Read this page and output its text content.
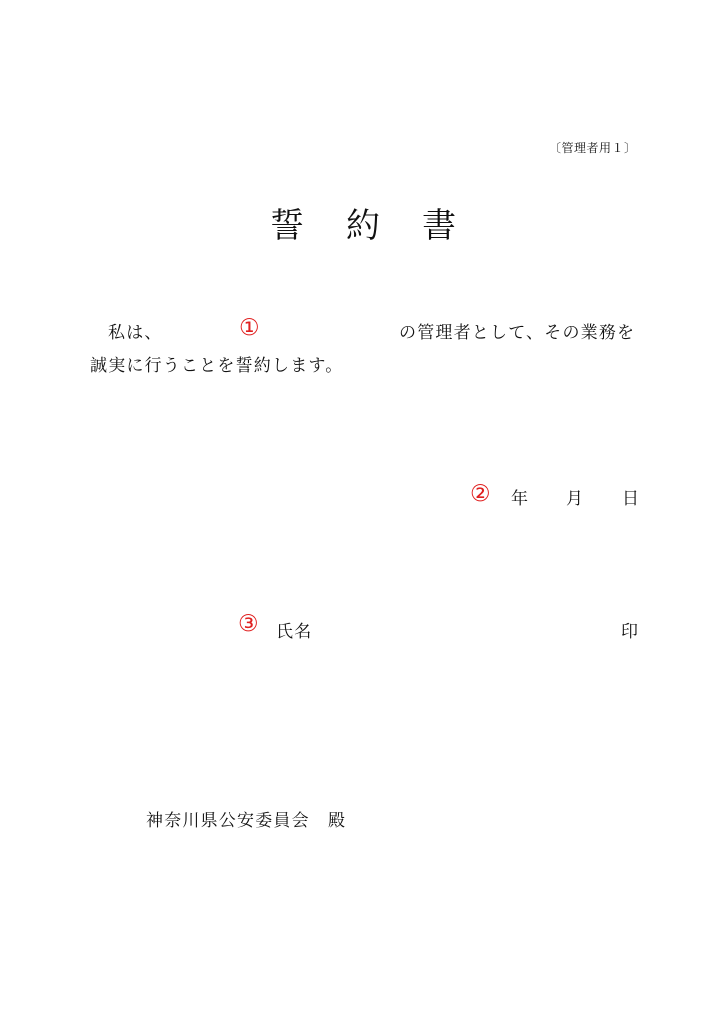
〔管理者用１〕
誓 約 書
私は、	①	の管理者として、その業務を
誠実に行うことを誓約します。
② 年 月 日
③ 氏名	印
神奈川県公安委員会　殿
